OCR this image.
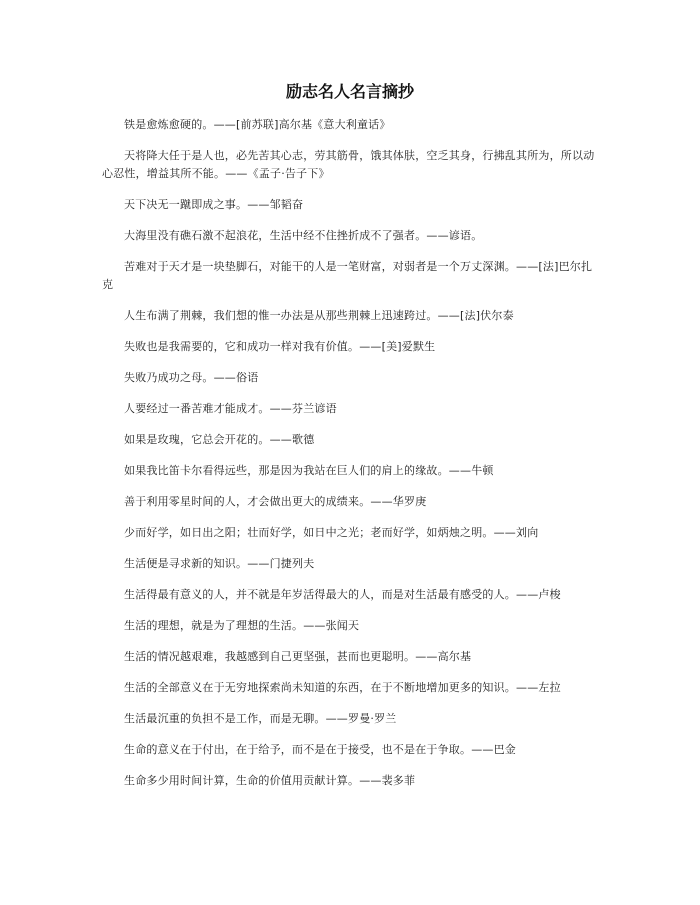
励志名人名言摘抄

铁是愈炼愈硬的。——[前苏联]高尔基《意大利童话》

天将降大任于是人也，必先苦其心志，劳其筋骨，饿其体肤，空乏其身，行拂乱其所为，所以动心忍性，增益其所不能。——《孟子·告子下》

天下决无一蹴即成之事。——邹韬奋

大海里没有礁石激不起浪花，生活中经不住挫折成不了强者。——谚语。

苦难对于天才是一块垫脚石，对能干的人是一笔财富，对弱者是一个万丈深渊。——[法]巴尔扎克

人生布满了荆棘，我们想的惟一办法是从那些荆棘上迅速跨过。——[法]伏尔泰

失败也是我需要的，它和成功一样对我有价值。——[美]爱默生

失败乃成功之母。——俗语

人要经过一番苦难才能成才。——芬兰谚语

如果是玫瑰，它总会开花的。——歌德

如果我比笛卡尔看得远些，那是因为我站在巨人们的肩上的缘故。——牛顿

善于利用零星时间的人，才会做出更大的成绩来。——华罗庚

少而好学，如日出之阳；壮而好学，如日中之光；老而好学，如炳烛之明。——刘向

生活便是寻求新的知识。——门捷列夫

生活得最有意义的人，并不就是年岁活得最大的人，而是对生活最有感受的人。——卢梭

生活的理想，就是为了理想的生活。——张闻天

生活的情况越艰难，我越感到自己更坚强，甚而也更聪明。——高尔基

生活的全部意义在于无穷地探索尚未知道的东西，在于不断地增加更多的知识。——左拉

生活最沉重的负担不是工作，而是无聊。——罗曼·罗兰

生命的意义在于付出，在于给予，而不是在于接受，也不是在于争取。——巴金

生命多少用时间计算，生命的价值用贡献计算。——裴多菲
